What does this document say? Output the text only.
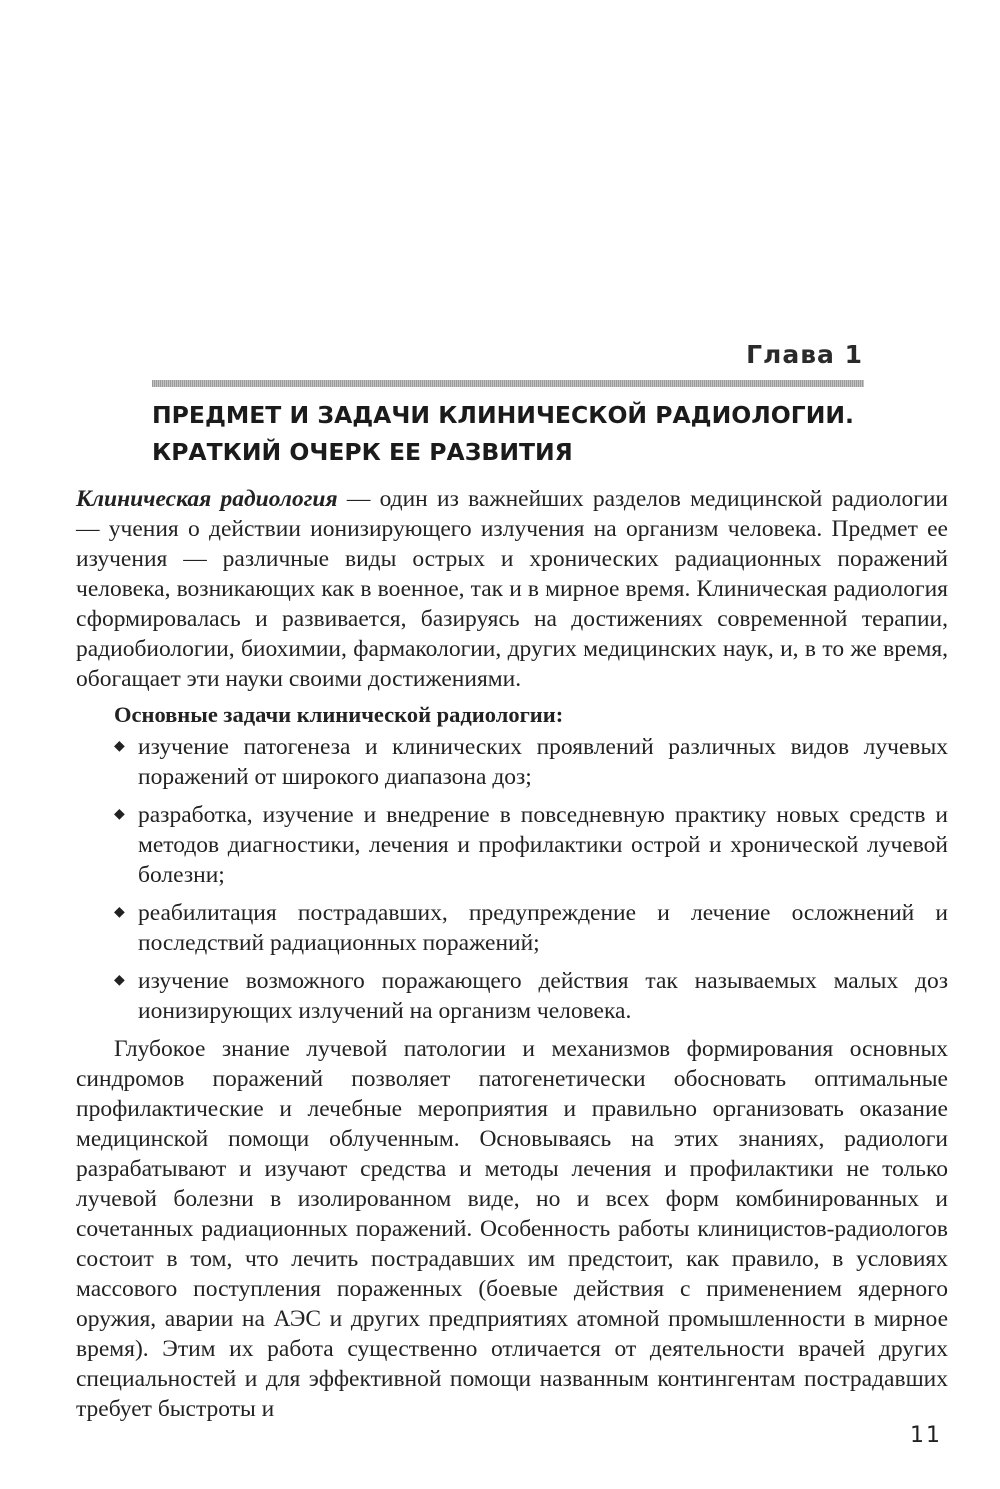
Глава 1
ПРЕДМЕТ И ЗАДАЧИ КЛИНИЧЕСКОЙ РАДИОЛОГИИ.
КРАТКИЙ ОЧЕРК ЕЕ РАЗВИТИЯ

Клиническая радиология — один из важнейших разделов медицинской радиологии — учения о действии ионизирующего излучения на организм человека. Предмет ее изучения — различные виды острых и хронических радиационных поражений человека, возникающих как в военное, так и в мирное время. Клиническая радиология сформировалась и развивается, базируясь на достижениях современной терапии, радиобиологии, биохимии, фармакологии, других медицинских наук, и, в то же время, обогащает эти науки своими достижениями.

Основные задачи клинической радиологии:
◆ изучение патогенеза и клинических проявлений различных видов лучевых поражений от широкого диапазона доз;
◆ разработка, изучение и внедрение в повседневную практику новых средств и методов диагностики, лечения и профилактики острой и хронической лучевой болезни;
◆ реабилитация пострадавших, предупреждение и лечение осложнений и последствий радиационных поражений;
◆ изучение возможного поражающего действия так называемых малых доз ионизирующих излучений на организм человека.

Глубокое знание лучевой патологии и механизмов формирования основных синдромов поражений позволяет патогенетически обосновать оптимальные профилактические и лечебные мероприятия и правильно организовать оказание медицинской помощи облученным. Основываясь на этих знаниях, радиологи разрабатывают и изучают средства и методы лечения и профилактики не только лучевой болезни в изолированном виде, но и всех форм комбинированных и сочетанных радиационных поражений. Особенность работы клиницистов-радиологов состоит в том, что лечить пострадавших им предстоит, как правило, в условиях массового поступления пораженных (боевые действия с применением ядерного оружия, аварии на АЭС и других предприятиях атомной промышленности в мирное время). Этим их работа существенно отличается от деятельности врачей других специальностей и для эффективной помощи названным контингентам пострадавших требует быстроты и

11
